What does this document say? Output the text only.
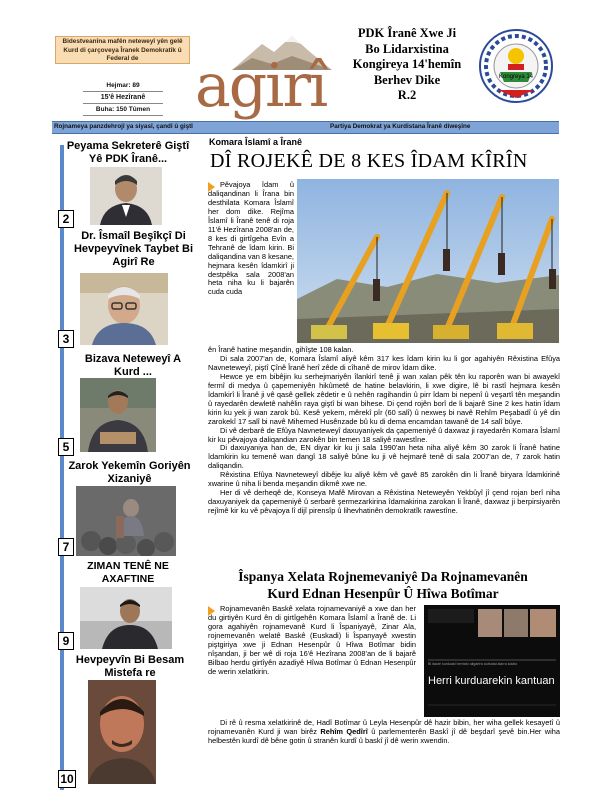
Bidestveanîna mafên neteweyî yên gelê Kurd di çarçoveya Îranek Demokratîk û Federal de
Hejmar: 89
15'ê Hezîranê
Buha: 150 Tûmen agirî
PDK Îranê Xwe Ji
Bo Lidarxistina
Kongireya 14'hemîn
Berhev Dike
R.2
Kongreya 14
Rojnameya panzdehrojî ya siyasî, çandî û giştî	Partiya Demokrat ya Kurdistana Îranê diweşîne
Peyama Sekreterê Giştî Yê PDK Îranê...
2
Dr. Îsmaîl Beşîkçî Di Hevpeyvînek Taybet Bi Agirî Re
3
Bizava Neteweyî A Kurd ...
5
Zarok Yekemîn Goriyên Xizaniyê
7
ZIMAN TENÊ NE AXAFTINE
9
Hevpeyvîn Bi Besam Mistefa re
10
Komara Îslamî a Îranê
DÎ ROJEKÊ DE 8 KES ÎDAM KÎRÎN
Pêvajoya îdam û daliqandinan li Îrana bin desthilata Komara Îslamî her dom dike. Rejîma Îslamî li Îranê tenê di roja 11'ê Hezîrana 2008'an de, 8 kes di girtîgeha Evîn a Tehranê de îdam kirin. Bi daliqandina van 8 kesane, hejmara kesên îdamkirî ji destpêka sala 2008'an heta niha ku li bajarên cuda cuda

ên Îranê hatine meşandin, gihîşte 108 kalan.

Di sala 2007'an de, Komara Îslamî aliyê kêm 317 kes îdam kirin ku li gor agahiyên Rêxistina Efûya Navneteweyî, piştî Çînê Îranê herî zêde di cîhanê de mirov îdam dike.

Hewce ye em bibêjin ku serhejmariyên îlankirî tenê ji wan xalan pêk tên ku raporên wan bi awayekî fermî di medya û çapemeniyên hikûmetê de hatine belavkirin, li xwe digire, lê bi rastî hejmara kesên îdamkirî li Îranê ji vê qasê gellek zêdetir e û nehên ragihandin û pirr îdam bi nepenî û veşartî tên meşandin û rayedarên dewletê nahêlin raya giştî bi wan bihese. Di çend rojên borî de li bajarê Sine 2 kes hatin îdam kirin ku yek ji wan zarok bû. Kesê yekem, mêrekî pîr (60 salî) û nexweş bi navê Rehîm Peşabadî û yê din zarokekî 17 salî bi navê Mihemed Husênzade bû ku di dema encamdan tawanê de 14 salî bûye.

Di vê derbarê de Efûya Navneteweyî daxuyaniyek da çapemeniyê û daxwaz ji rayedarên Komara Îslamî kir ku pêvajoya daliqandian zarokên bin temen 18 saliyê rawestîne.

Di daxuyaniya han de, EN diyar kir ku ji sala 1990'an heta niha aliyê kêm 30 zarok li Îranê hatine îdamkirin ku temenê wan dangî 18 saliyê bûne ku ji vê hejmarê tenê di sala 2007'an de, 7 zarok hatin daliqandin.

Rêxistina Efûya Navneteweyî dibêje ku aliyê kêm vê gavê 85 zarokên din li Îranê biryara îdamkirinê xwarine û niha li benda meşandin dikmê xwe ne.

Her di vê derheqê de, Konseya Mafê Mirovan a Rêxistina Neteweyên Yekbûyî jî çend rojan berî niha daxuyaniyek da çapemeniyê û serbarê şermezarkirina îdamakirina zarokan li Îranê, daxwaz ji berpirsiyarên rejîmê kir ku vê pêvajoya lî dijî pirensîp û lihevhatinên demokratîk rawestîne.

Îspanya Xelata Rojnemevaniyê Da Rojnamevanên
Kurd Ednan Hesenpûr Û Hîwa Botîmar
Rojnamevanên Baskê xelata rojnamevaniyê a xwe dan her du girtiyên Kurd ên di girtîgehên Komara Îslamî a Îranê de. Li gora agahiyên rojnamevanê Kurd li Îspaniyayê, Zinar Ala, rojnemevanên welatê Baskê (Euskadi) li Îspanyayê xwestin piştgiriya xwe ji Ednan Hesenpûr û Hîwa Botîmar bidin nîşandan, ji ber wê di roja 16'ê Hezîrana 2008'an de li bajarê Bilbao herdu girtîyên azadiyê Hîwa Botîmar û Ednan Hesenpûr de werin xelatkirin.
Bi itaute kurduaki berriato aligartra aurkatai alarra koiato
Herri kurduarekin kantuan

Di rê û resma xelatkirinê de, Hadî Botîmar û Leyla Hesenpûr dê hazir bibin, her wiha gellek kesayetî û rojnamevanên Kurd ji wan birêz Rehîm Qedîrî û parlementerên Baskî jî dê beşdarî şevê bin.Her wiha helbestên kurdî dê bêne gotin û stranên kurdî û baskî jî dê werin xwendin.
